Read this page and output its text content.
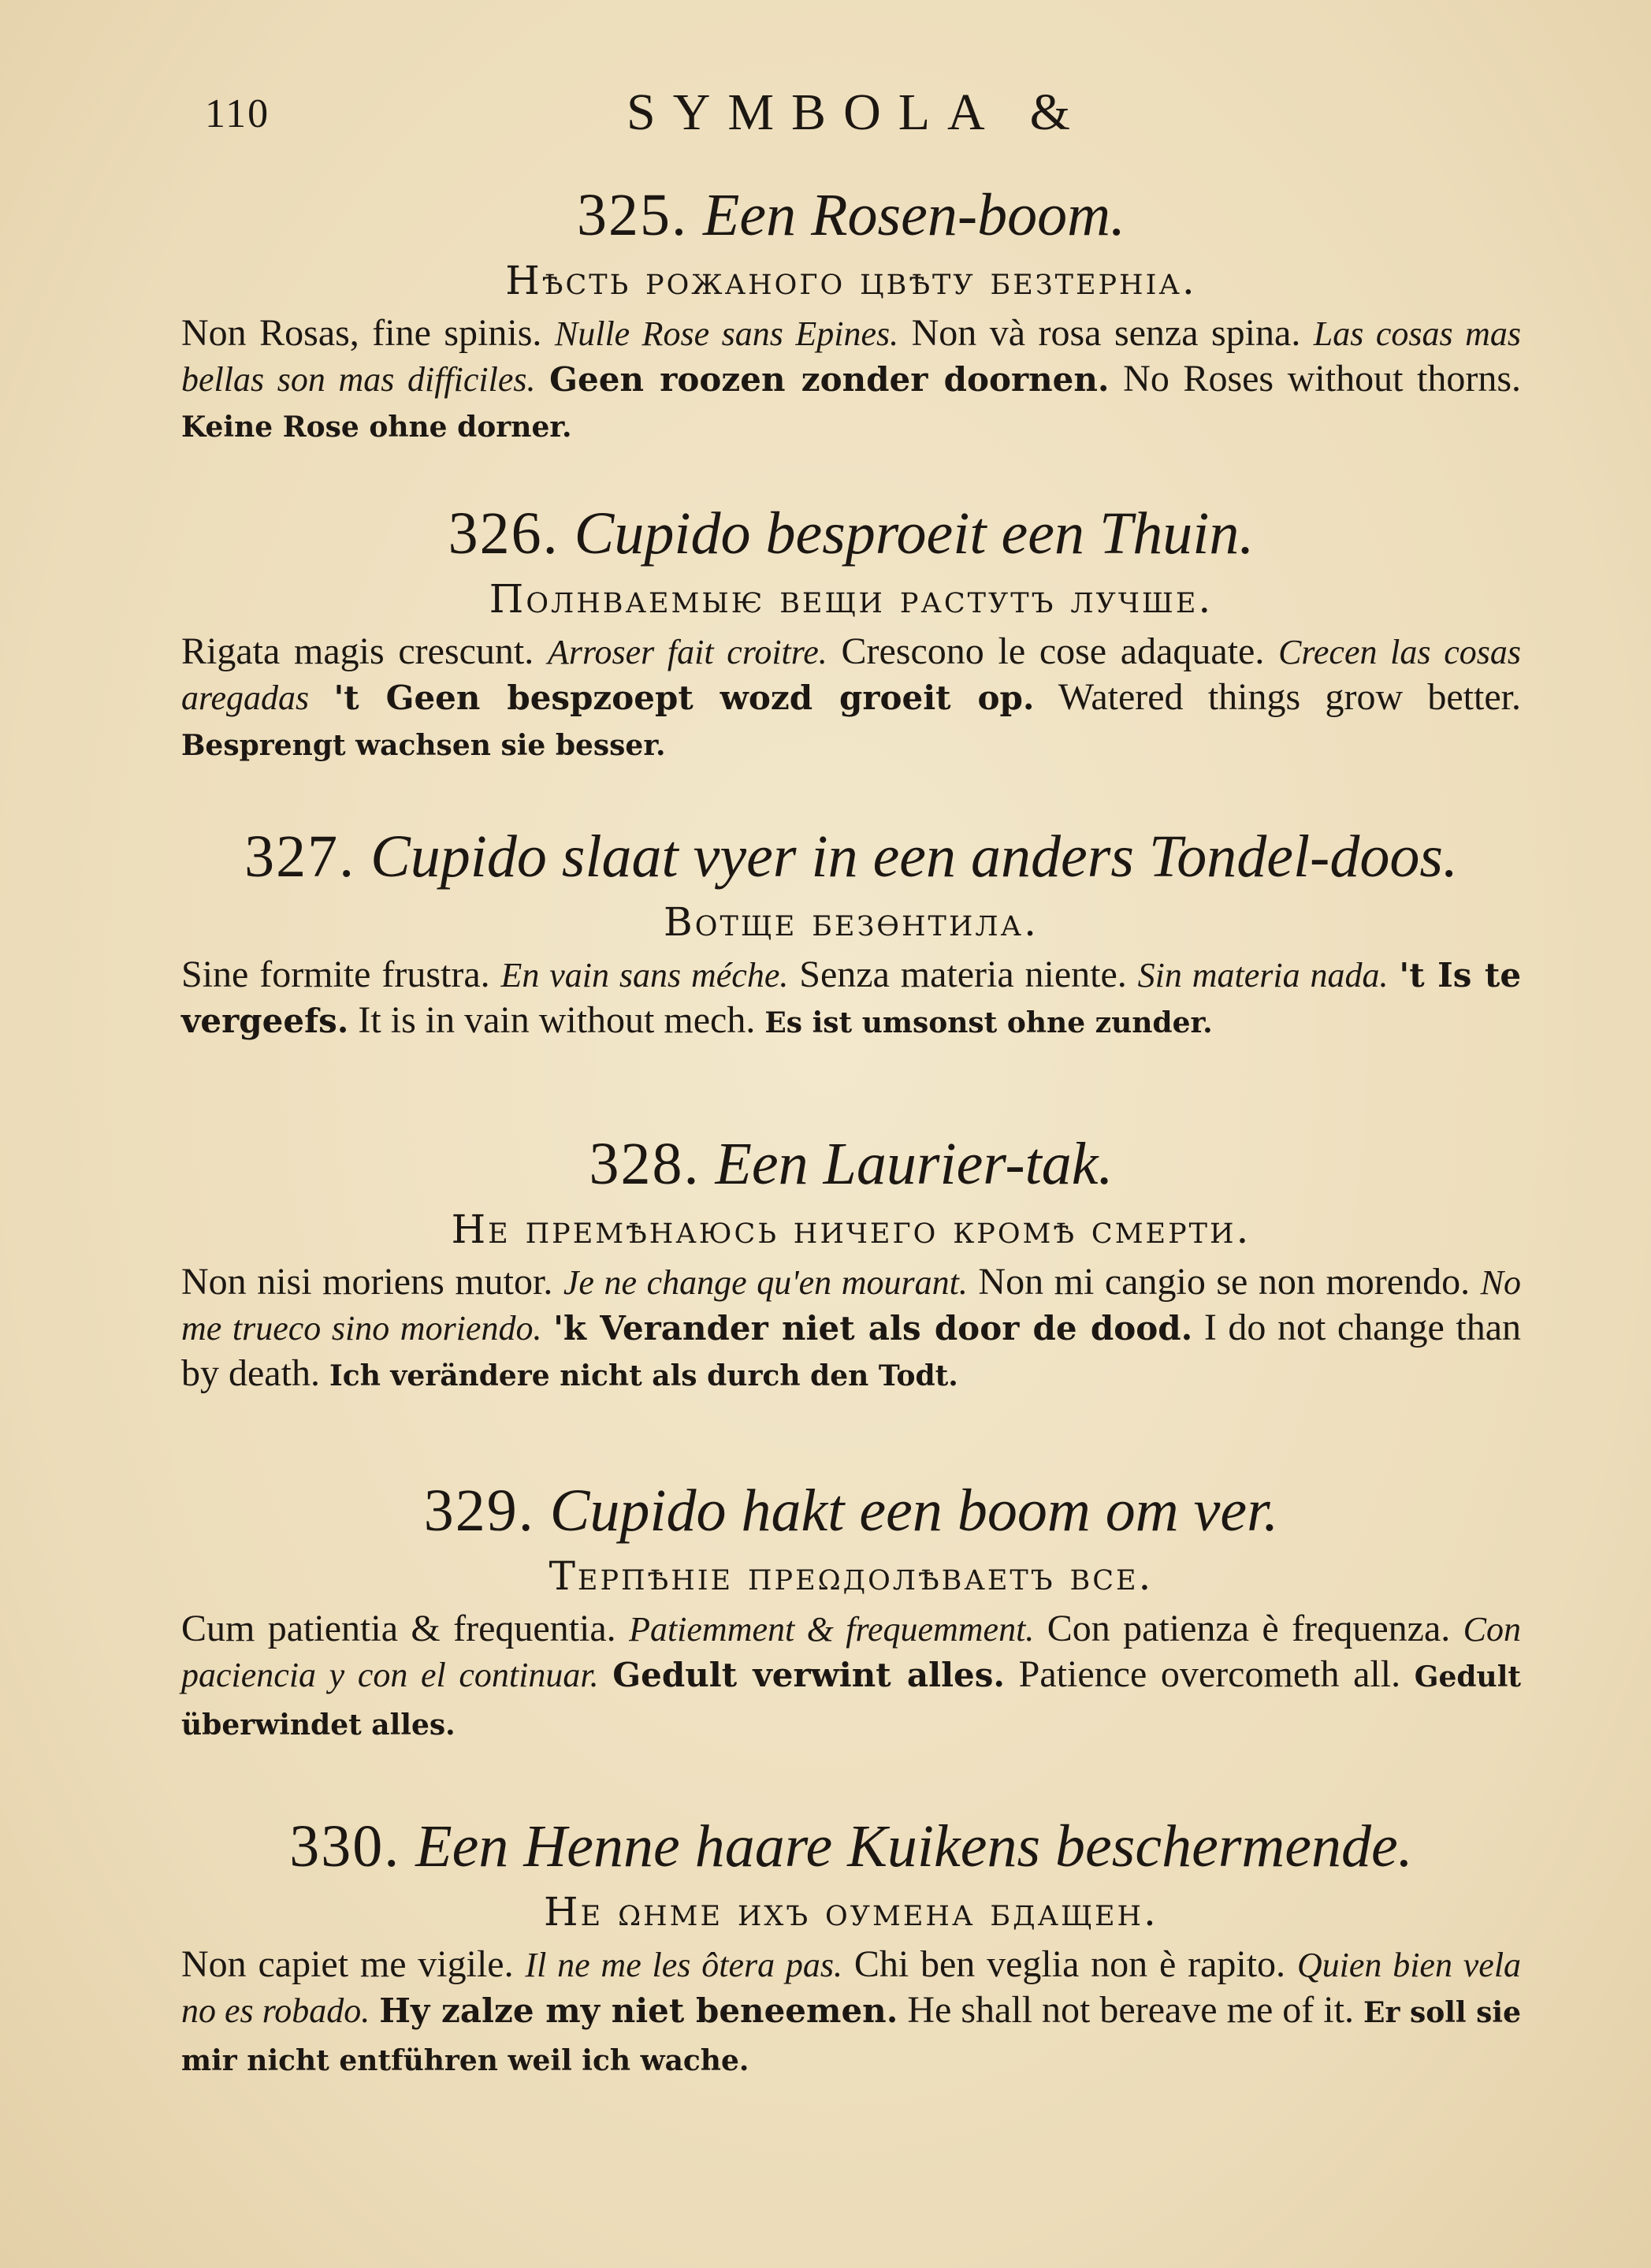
110	SYMBOLA &
325. Een Rosen-boom.
Нѣсть рожаного цвѣту безтерніа.
Non Rosas, fine spinis. Nulle Rose sans Epines. Non và rosa senza spina. Las cosas mas bellas son mas difficiles. Geen roozen zonder doornen. No Roses without thorns. Keine Rose ohne dorner.
326. Cupido besproeit een Thuin.
Полнваемыѥ вещи растутъ лучше.
Rigata magis crescunt. Arroser fait croitre. Crescono le cose adaquate. Crecen las cosas aregadas 't Geen bespzoept wozd groeit op. Watered things grow better. Besprengt wachsen sie besser.
327. Cupido slaat vyer in een anders Tondel-doos.
Вотще безѳнтила.
Sine formite frustra. En vain sans méche. Senza materia niente. Sin materia nada. 't Is te vergeefs. It is in vain without mech. Es ist umsonst ohne zunder.
328. Een Laurier-tak.
Не премѣнаюсь ничего кромѣ смерти.
Non nisi moriens mutor. Je ne change qu'en mourant. Non mi cangio se non morendo. No me trueco sino moriendo. 'k Verander niet als door de dood. I do not change than by death. Ich verändere nicht als durch den Todt.
329. Cupido hakt een boom om ver.
Терпѣніе преωдолѣваетъ все.
Cum patientia & frequentia. Patiemment & frequemment. Con patienza è frequenza. Con paciencia y con el continuar. Gedult verwint alles. Patience overcometh all. Gedult überwindet alles.
330. Een Henne haare Kuikens beschermende.
Не ωнме ихъ оумена бдащен.
Non capiet me vigile. Il ne me les ôtera pas. Chi ben veglia non è rapito. Quien bien vela no es robado. Hy zalze my niet beneemen. He shall not bereave me of it. Er soll sie mir nicht entführen weil ich wache.
